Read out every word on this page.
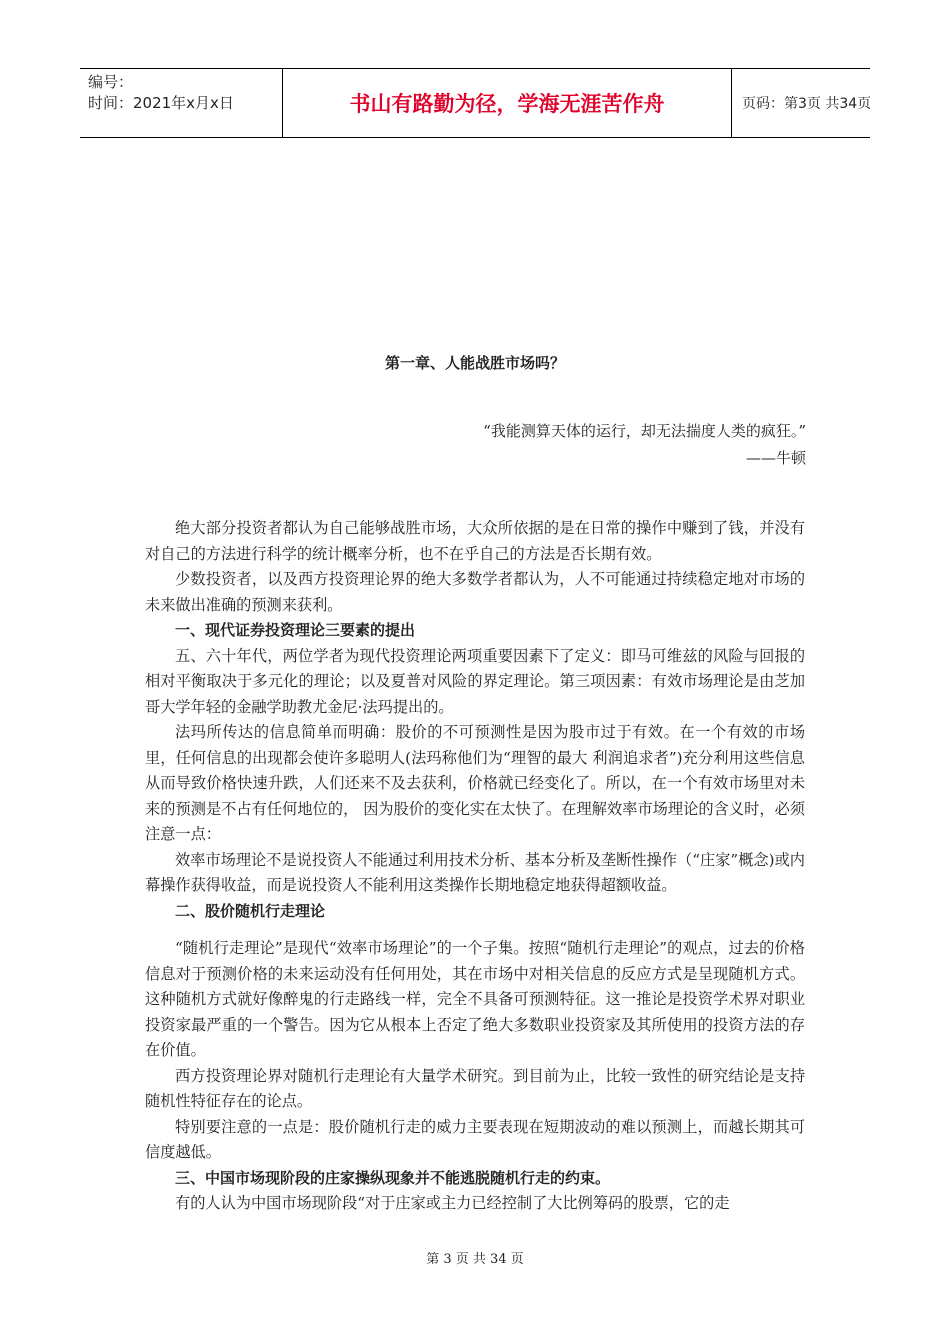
编号：
时间：2021年x月x日	书山有路勤为径，学海无涯苦作舟	页码：第3页 共34页
第一章、人能战胜市场吗？
“我能测算天体的运行，却无法揣度人类的疯狂。”
——牛顿

绝大部分投资者都认为自己能够战胜市场，大众所依据的是在日常的操作中赚到了钱，并没有对自己的方法进行科学的统计概率分析，也不在乎自己的方法是否长期有效。

少数投资者，以及西方投资理论界的绝大多数学者都认为，人不可能通过持续稳定地对市场的未来做出准确的预测来获利。

一、现代证券投资理论三要素的提出

五、六十年代，两位学者为现代投资理论两项重要因素下了定义：即马可维兹的风险与回报的相对平衡取决于多元化的理论；以及夏普对风险的界定理论。第三项因素：有效市场理论是由芝加哥大学年轻的金融学助教尤金尼·法玛提出的。

法玛所传达的信息简单而明确：股价的不可预测性是因为股市过于有效。在一个有效的市场里，任何信息的出现都会使许多聪明人(法玛称他们为“理智的最大 利润追求者”)充分利用这些信息从而导致价格快速升跌，人们还来不及去获利，价格就已经变化了。所以，在一个有效市场里对未来的预测是不占有任何地位的， 因为股价的变化实在太快了。在理解效率市场理论的含义时，必须注意一点：

效率市场理论不是说投资人不能通过利用技术分析、基本分析及垄断性操作（“庄家”概念)或内幕操作获得收益，而是说投资人不能利用这类操作长期地稳定地获得超额收益。

二、股价随机行走理论

“随机行走理论”是现代“效率市场理论”的一个子集。按照“随机行走理论”的观点，过去的价格信息对于预测价格的未来运动没有任何用处，其在市场中对相关信息的反应方式是呈现随机方式。这种随机方式就好像醉鬼的行走路线一样，完全不具备可预测特征。这一推论是投资学术界对职业投资家最严重的一个警告。因为它从根本上否定了绝大多数职业投资家及其所使用的投资方法的存在价值。

西方投资理论界对随机行走理论有大量学术研究。到目前为止，比较一致性的研究结论是支持随机性特征存在的论点。

特别要注意的一点是：股价随机行走的威力主要表现在短期波动的难以预测上，而越长期其可信度越低。

三、中国市场现阶段的庄家操纵现象并不能逃脱随机行走的约束。

有的人认为中国市场现阶段“对于庄家或主力已经控制了大比例筹码的股票，它的走

第 3 页 共 34 页
